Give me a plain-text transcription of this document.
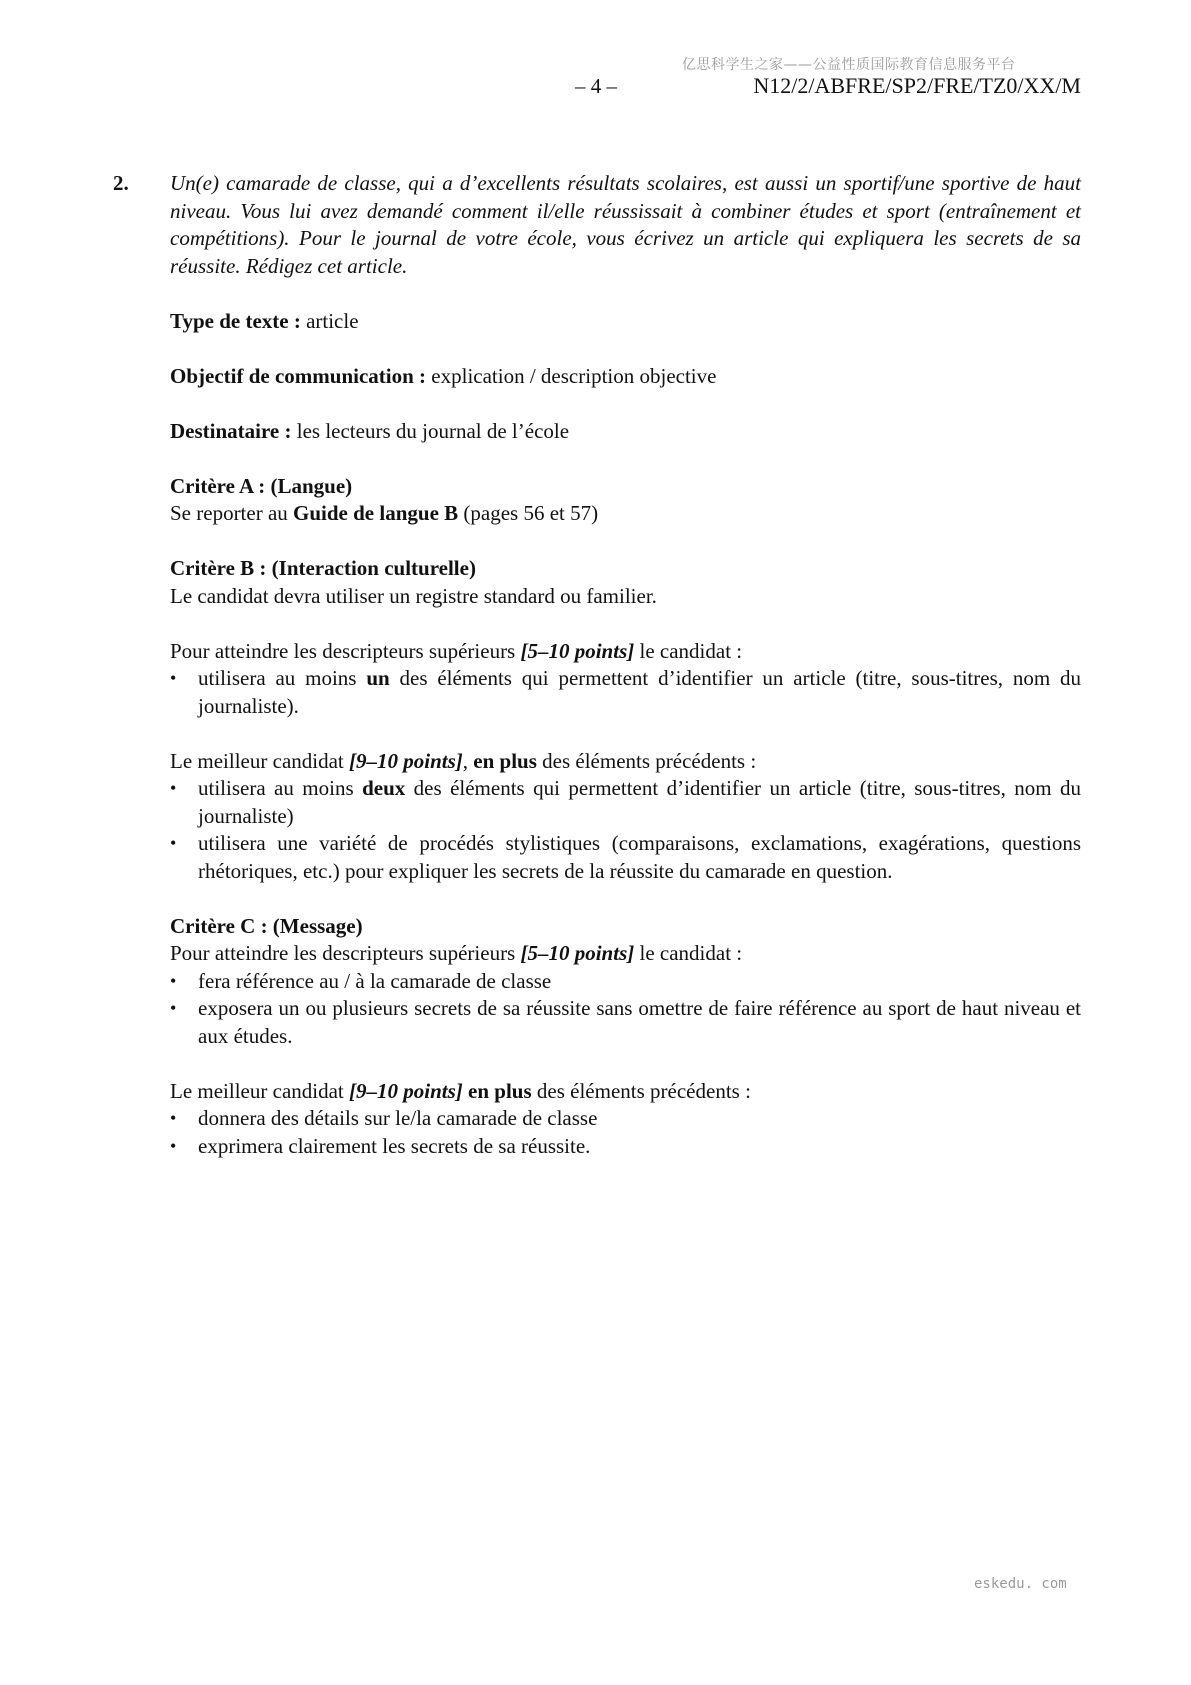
亿思科学生之家——公益性质国际教育信息服务平台
– 4 –	N12/2/ABFRE/SP2/FRE/TZ0/XX/M
2. Un(e) camarade de classe, qui a d’excellents résultats scolaires, est aussi un sportif/une sportive de haut niveau. Vous lui avez demandé comment il/elle réussissait à combiner études et sport (entraînement et compétitions). Pour le journal de votre école, vous écrivez un article qui expliquera les secrets de sa réussite. Rédigez cet article.

Type de texte : article

Objectif de communication : explication / description objective

Destinataire : les lecteurs du journal de l’école

Critère A : (Langue)

Se reporter au Guide de langue B (pages 56 et 57)

Critère B : (Interaction culturelle)

Le candidat devra utiliser un registre standard ou familier.

Pour atteindre les descripteurs supérieurs [5–10 points] le candidat :

• utilisera au moins un des éléments qui permettent d’identifier un article (titre, sous-titres, nom du journaliste).

Le meilleur candidat [9–10 points], en plus des éléments précédents :

• utilisera au moins deux des éléments qui permettent d’identifier un article (titre, sous-titres, nom du journaliste)
• utilisera une variété de procédés stylistiques (comparaisons, exclamations, exagérations, questions rhétoriques, etc.) pour expliquer les secrets de la réussite du camarade en question.

Critère C : (Message)

Pour atteindre les descripteurs supérieurs [5–10 points] le candidat :

• fera référence au / à la camarade de classe
• exposera un ou plusieurs secrets de sa réussite sans omettre de faire référence au sport de haut niveau et aux études.

Le meilleur candidat [9–10 points] en plus des éléments précédents :

• donnera des détails sur le/la camarade de classe
• exprimera clairement les secrets de sa réussite.
eskedu. com
